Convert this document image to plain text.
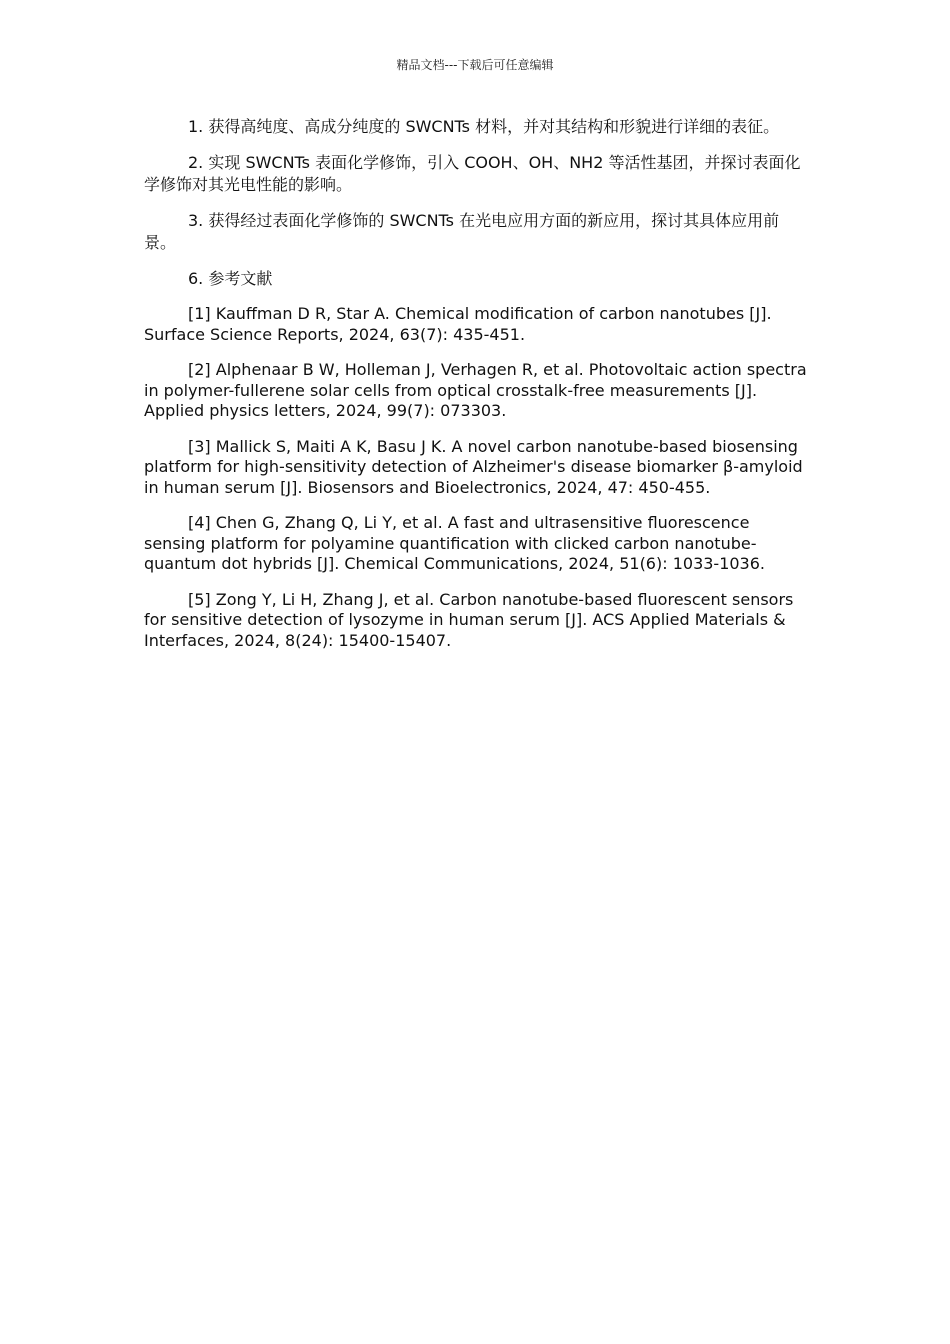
精品文档---下载后可任意编辑

1. 获得高纯度、高成分纯度的 SWCNTs 材料，并对其结构和形貌进行详细的表征。

2. 实现 SWCNTs 表面化学修饰，引入 COOH、OH、NH2 等活性基团，并探讨表面化学修饰对其光电性能的影响。

3. 获得经过表面化学修饰的 SWCNTs 在光电应用方面的新应用，探讨其具体应用前景。

6. 参考文献

[1] Kauffman D R, Star A. Chemical modification of carbon nanotubes [J]. Surface Science Reports, 2024, 63(7): 435-451.
[2] Alphenaar B W, Holleman J, Verhagen R, et al. Photovoltaic action spectra in polymer-fullerene solar cells from optical crosstalk-free measurements [J]. Applied physics letters, 2024, 99(7): 073303.
[3] Mallick S, Maiti A K, Basu J K. A novel carbon nanotube-based biosensing platform for high-sensitivity detection of Alzheimer's disease biomarker β-amyloid in human serum [J]. Biosensors and Bioelectronics, 2024, 47: 450-455.
[4] Chen G, Zhang Q, Li Y, et al. A fast and ultrasensitive fluorescence sensing platform for polyamine quantification with clicked carbon nanotube-quantum dot hybrids [J]. Chemical Communications, 2024, 51(6): 1033-1036.
[5] Zong Y, Li H, Zhang J, et al. Carbon nanotube-based fluorescent sensors for sensitive detection of lysozyme in human serum [J]. ACS Applied Materials & Interfaces, 2024, 8(24): 15400-15407.
